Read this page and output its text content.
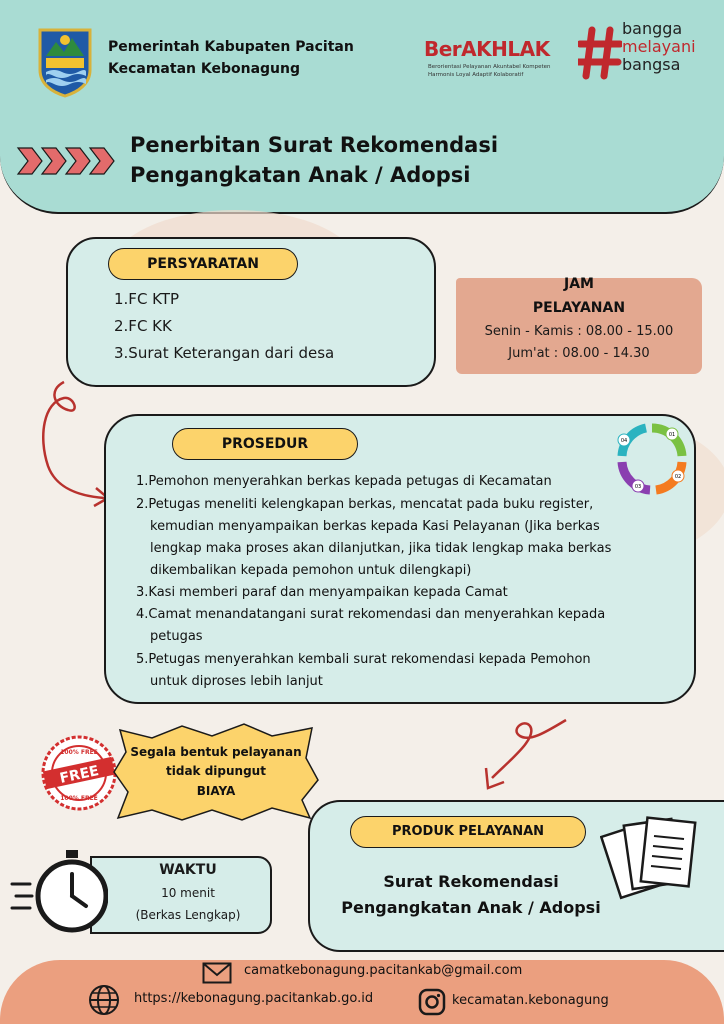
Pemerintah Kabupaten Pacitan
Kecamatan Kebonagung
BerAKHLAK
Berorientasi Pelayanan Akuntabel Kompeten
Harmonis Loyal Adaptif Kolaboratif
bangga
melayani
bangsa
Penerbitan Surat Rekomendasi
Pengangkatan Anak / Adopsi
PERSYARATAN
1.FC KTP
2.FC KK
3.Surat Keterangan dari desa
JAM
PELAYANAN
Senin - Kamis : 08.00 - 15.00
Jum'at : 08.00 - 14.30
PROSEDUR
01
02
03
04
1.Pemohon menyerahkan berkas kepada petugas di Kecamatan
2.Petugas meneliti kelengkapan berkas, mencatat pada buku register,
kemudian menyampaikan berkas kepada Kasi Pelayanan (Jika berkas
lengkap maka proses akan dilanjutkan, jika tidak lengkap maka berkas
dikembalikan kepada pemohon untuk dilengkapi)
3.Kasi memberi paraf dan menyampaikan kepada Camat
4.Camat menandatangani surat rekomendasi dan menyerahkan kepada
petugas
5.Petugas menyerahkan kembali surat rekomendasi kepada Pemohon
untuk diproses lebih lanjut
FREE
100% FREE
100% FREE
Segala bentuk pelayanan
tidak dipungut
BIAYA
PRODUK PELAYANAN
Surat Rekomendasi
Pengangkatan Anak / Adopsi
WAKTU
10 menit
(Berkas Lengkap)
camatkebonagung.pacitankab@gmail.com
https://kebonagung.pacitankab.go.id	kecamatan.kebonagung
